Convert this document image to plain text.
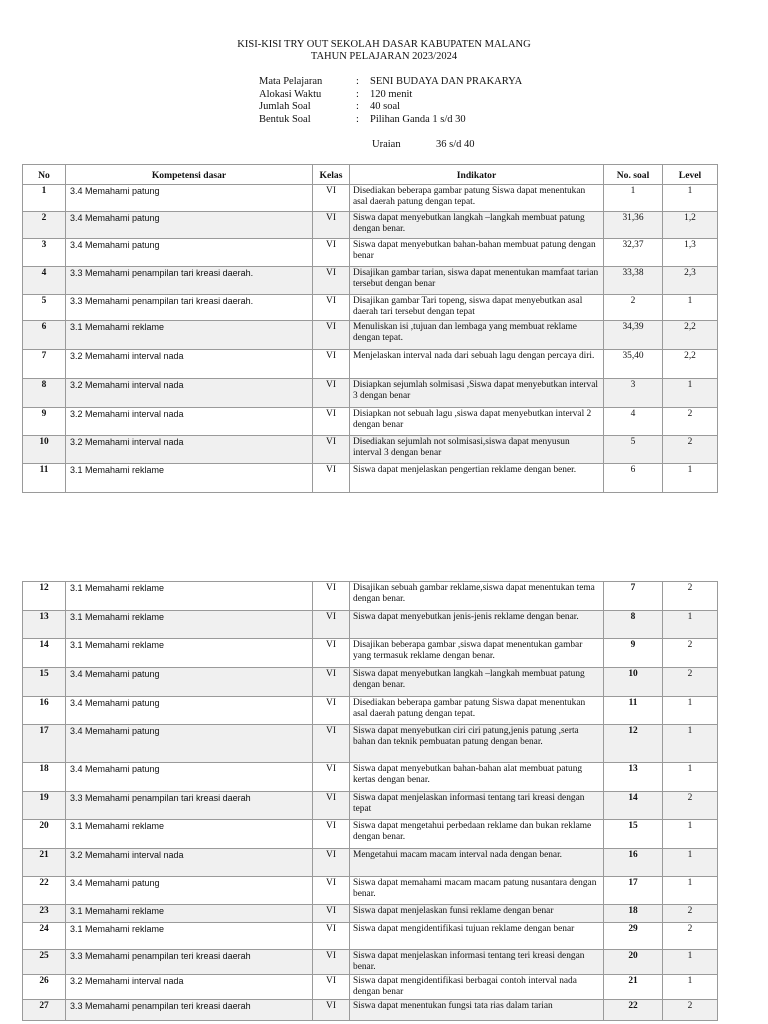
KISI-KISI TRY OUT SEKOLAH DASAR KABUPATEN MALANG
TAHUN PELAJARAN 2023/2024
Mata Pelajaran	:	SENI BUDAYA DAN PRAKARYA
Alokasi Waktu	:	120 menit
Jumlah Soal	:	40 soal
Bentuk Soal	:	Pilihan Ganda 1 s/d 30
Uraian	36 s/d 40
No	Kompetensi dasar	Kelas	Indikator	No. soal	Level
1	3.4 Memahami patung	VI	Disediakan beberapa gambar patung Siswa dapat menentukan asal daerah patung dengan tepat.	1	1
2	3.4 Memahami patung	VI	Siswa dapat menyebutkan langkah –langkah membuat patung dengan benar.	31,36	1,2
3	3.4 Memahami patung	VI	Siswa dapat menyebutkan bahan-bahan membuat patung dengan benar	32,37	1,3
4	3.3 Memahami penampilan tari kreasi daerah.	VI	Disajikan gambar tarian, siswa dapat menentukan mamfaat tarian tersebut dengan benar	33,38	2,3
5	3.3 Memahami penampilan tari kreasi daerah.	VI	Disajikan gambar Tari topeng, siswa dapat menyebutkan asal daerah tari tersebut dengan tepat	2	1
6	3.1 Memahami reklame	VI	Menuliskan isi ,tujuan dan lembaga yang membuat reklame dengan tepat.	34,39	2,2
7	3.2 Memahami interval nada	VI	Menjelaskan interval nada dari sebuah lagu dengan percaya diri.	35,40	2,2
8	3.2 Memahami interval nada	VI	Disiapkan sejumlah solmisasi ,Siswa dapat menyebutkan interval 3 dengan benar	3	1
9	3.2 Memahami interval nada	VI	Disiapkan not sebuah lagu ,siswa dapat menyebutkan interval 2 dengan benar	4	2
10	3.2 Memahami interval nada	VI	Disediakan sejumlah not solmisasi,siswa dapat menyusun interval 3 dengan benar	5	2
11	3.1 Memahami reklame	VI	Siswa dapat menjelaskan pengertian reklame dengan bener.	6	1
12	3.1 Memahami reklame	VI	Disajikan sebuah gambar reklame,siswa dapat menentukan tema dengan benar.	7	2
13	3.1 Memahami reklame	VI	Siswa dapat menyebutkan jenis-jenis reklame dengan benar.	8	1
14	3.1 Memahami reklame	VI	Disajikan beberapa gambar ,siswa dapat menentukan gambar yang termasuk reklame dengan benar.	9	2
15	3.4 Memahami patung	VI	Siswa dapat menyebutkan langkah –langkah membuat patung dengan benar.	10	2
16	3.4 Memahami patung	VI	Disediakan beberapa gambar patung Siswa dapat menentukan asal daerah patung dengan tepat.	11	1
17	3.4 Memahami patung	VI	Siswa dapat menyebutkan ciri ciri patung,jenis patung ,serta bahan dan teknik pembuatan patung dengan benar.	12	1
18	3.4 Memahami patung	VI	Siswa dapat menyebutkan bahan-bahan alat membuat patung kertas dengan benar.	13	1
19	3.3 Memahami penampilan tari kreasi daerah	VI	Siswa dapat menjelaskan informasi tentang tari kreasi dengan tepat	14	2
20	3.1 Memahami reklame	VI	Siswa dapat mengetahui perbedaan reklame dan bukan reklame dengan benar.	15	1
21	3.2 Memahami interval nada	VI	Mengetahui macam macam interval nada dengan benar.	16	1
22	3.4 Memahami patung	VI	Siswa dapat memahami macam macam patung nusantara dengan benar.	17	1
23	3.1 Memahami reklame	VI	Siswa dapat menjelaskan funsi reklame dengan benar	18	2
24	3.1 Memahami reklame	VI	Siswa dapat mengidentifikasi tujuan reklame dengan benar	29	2
25	3.3 Memahami penampilan teri kreasi daerah	VI	Siswa dapat menjelaskan informasi tentang teri kreasi dengan benar.	20	1
26	3.2 Memahami interval nada	VI	Siswa dapat mengidentifikasi berbagai contoh interval nada dengan benar	21	1
27	3.3 Memahami penampilan teri kreasi daerah	VI	Siswa dapat menentukan fungsi tata rias dalam tarian	22	2
